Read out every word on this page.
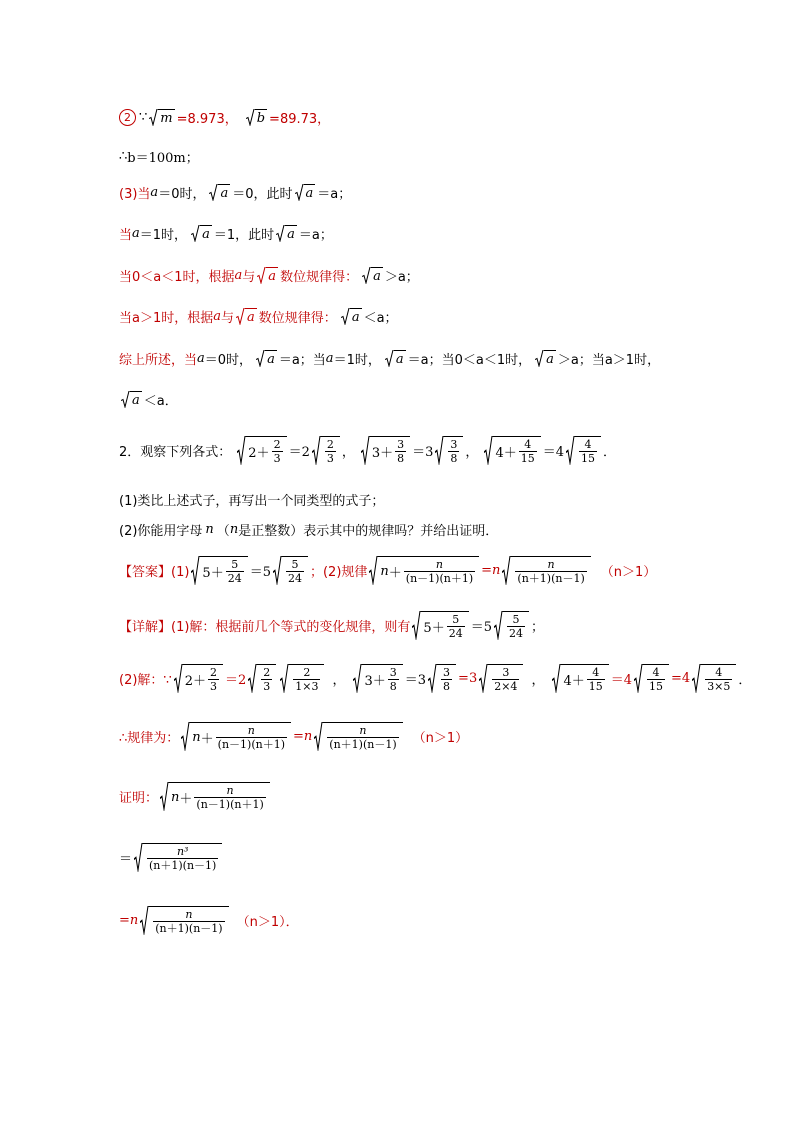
2 ∵ m =8.973， b =89.73，
∴ b＝100m；
(3)当 a ＝0时， a ＝0，此时 a ＝a；
当 a ＝1时， a ＝1，此时 a ＝a；
当0＜a＜1时，根据 a 与 a 数位规律得： a ＞a；
当a＞1时，根据 a 与 a 数位规律得： a ＜a；
综上所述，当 a ＝0时， a ＝a；当 a ＝1时， a ＝a；当0＜a＜1时， a ＞a；当a＞1时，
a ＜a．
2．观察下列各式： $2+ \frac{2}{3} =2 \frac{2}{3}$ ， $3+ \frac{3}{8} =3 \frac{3}{8}$ ， $4+ \frac{4}{15} =4 \frac{4}{15}$ ．
(1)类比上述式子，再写出一个同类型的式子；
(2)你能用字母 n （ n 是正整数）表示其中的规律吗？并给出证明．
【答案】(1) $5+ \frac{5}{24} =5 \frac{5}{24}$ ；(2)规律 $n + \frac{n}{(n-1)(n+1)} =n \frac{n}{(n+1)(n-1)} (n>1)$
【详解】(1)解：根据前几个等式的变化规律，则有 $5+ \frac{5}{24} =5 \frac{5}{24}$ ；
(2)解：∵ $2+ \frac{2}{3} =2 \frac{2}{3} \frac{2}{1\times 3}$ ， $3+ \frac{3}{8} =3 \frac{3}{8} =3 \frac{3}{2\times 4}$ ， $4+ \frac{4}{15} =4 \frac{4}{15} =4 \frac{4}{3\times 5}$ ．
∴规律为： $n + \frac{n}{(n-1)(n+1)} =n \frac{n}{(n+1)(n-1)} (n>1)$
证明： $n + \frac{n}{(n-1)(n+1)}$
＝ $\frac{\text{n³}}{(n+1)(n-1)}$
$=n \frac{n}{(n+1)(n-1)} (n>1)$．
